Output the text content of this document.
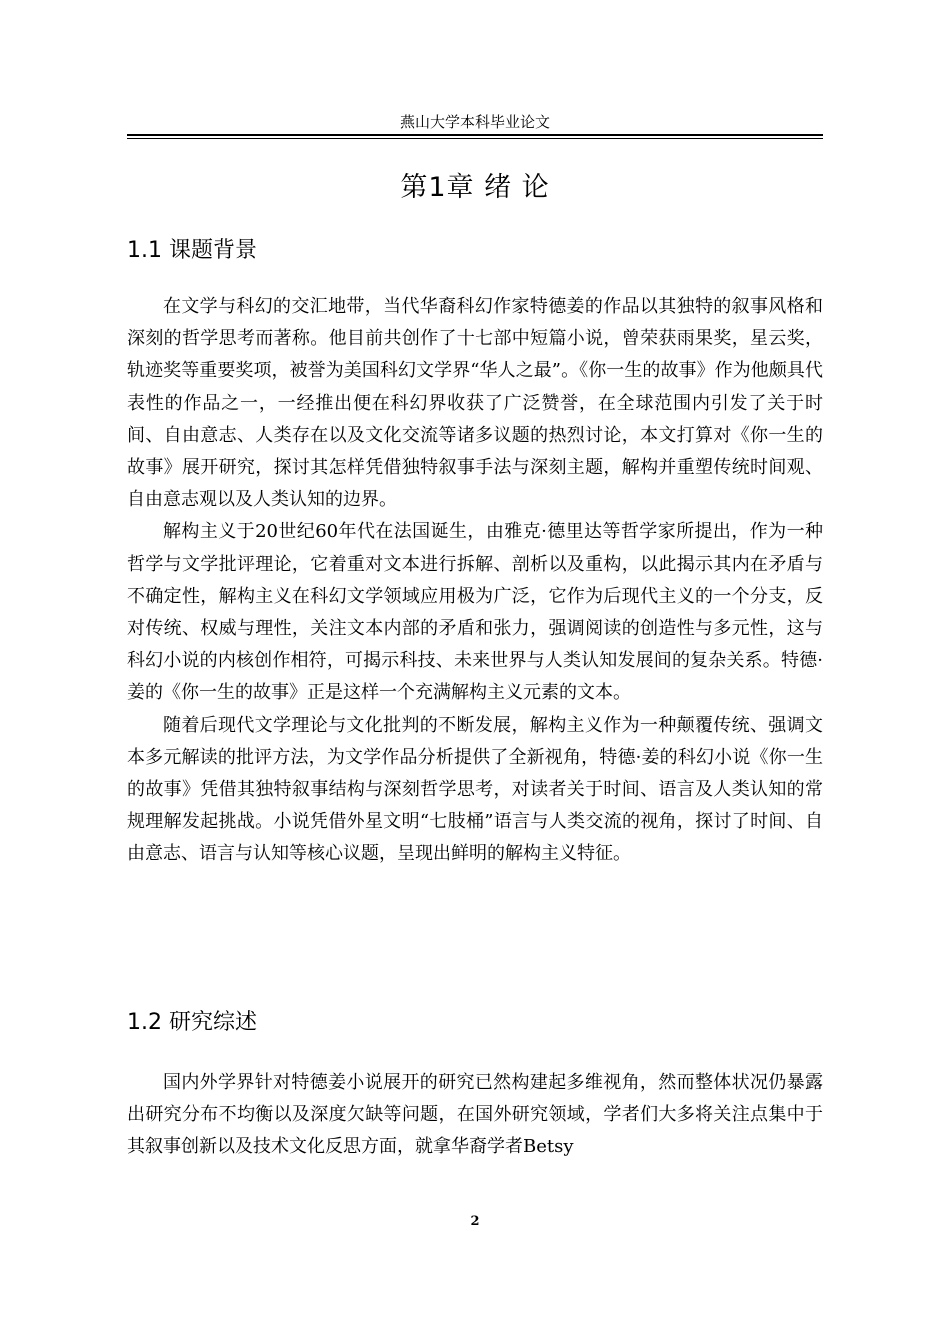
燕山大学本科毕业论文
第1章 绪 论
1.1 课题背景

在文学与科幻的交汇地带，当代华裔科幻作家特德姜的作品以其独特的叙事风格和深刻的哲学思考而著称。他目前共创作了十七部中短篇小说，曾荣获雨果奖，星云奖，轨迹奖等重要奖项，被誉为美国科幻文学界“华人之最”。《你一生的故事》作为他颇具代表性的作品之一，一经推出便在科幻界收获了广泛赞誉，在全球范围内引发了关于时间、自由意志、人类存在以及文化交流等诸多议题的热烈讨论，本文打算对《你一生的故事》展开研究，探讨其怎样凭借独特叙事手法与深刻主题，解构并重塑传统时间观、自由意志观以及人类认知的边界。

解构主义于20世纪60年代在法国诞生，由雅克·德里达等哲学家所提出，作为一种哲学与文学批评理论，它着重对文本进行拆解、剖析以及重构，以此揭示其内在矛盾与不确定性，解构主义在科幻文学领域应用极为广泛，它作为后现代主义的一个分支，反对传统、权威与理性，关注文本内部的矛盾和张力，强调阅读的创造性与多元性，这与科幻小说的内核创作相符，可揭示科技、未来世界与人类认知发展间的复杂关系。特德·姜的《你一生的故事》正是这样一个充满解构主义元素的文本。

随着后现代文学理论与文化批判的不断发展，解构主义作为一种颠覆传统、强调文本多元解读的批评方法，为文学作品分析提供了全新视角，特德·姜的科幻小说《你一生的故事》凭借其独特叙事结构与深刻哲学思考，对读者关于时间、语言及人类认知的常规理解发起挑战。小说凭借外星文明“七肢桶”语言与人类交流的视角，探讨了时间、自由意志、语言与认知等核心议题，呈现出鲜明的解构主义特征。

1.2 研究综述

国内外学界针对特德姜小说展开的研究已然构建起多维视角，然而整体状况仍暴露出研究分布不均衡以及深度欠缺等问题，在国外研究领域，学者们大多将关注点集中于其叙事创新以及技术文化反思方面，就拿华裔学者Betsy

2
